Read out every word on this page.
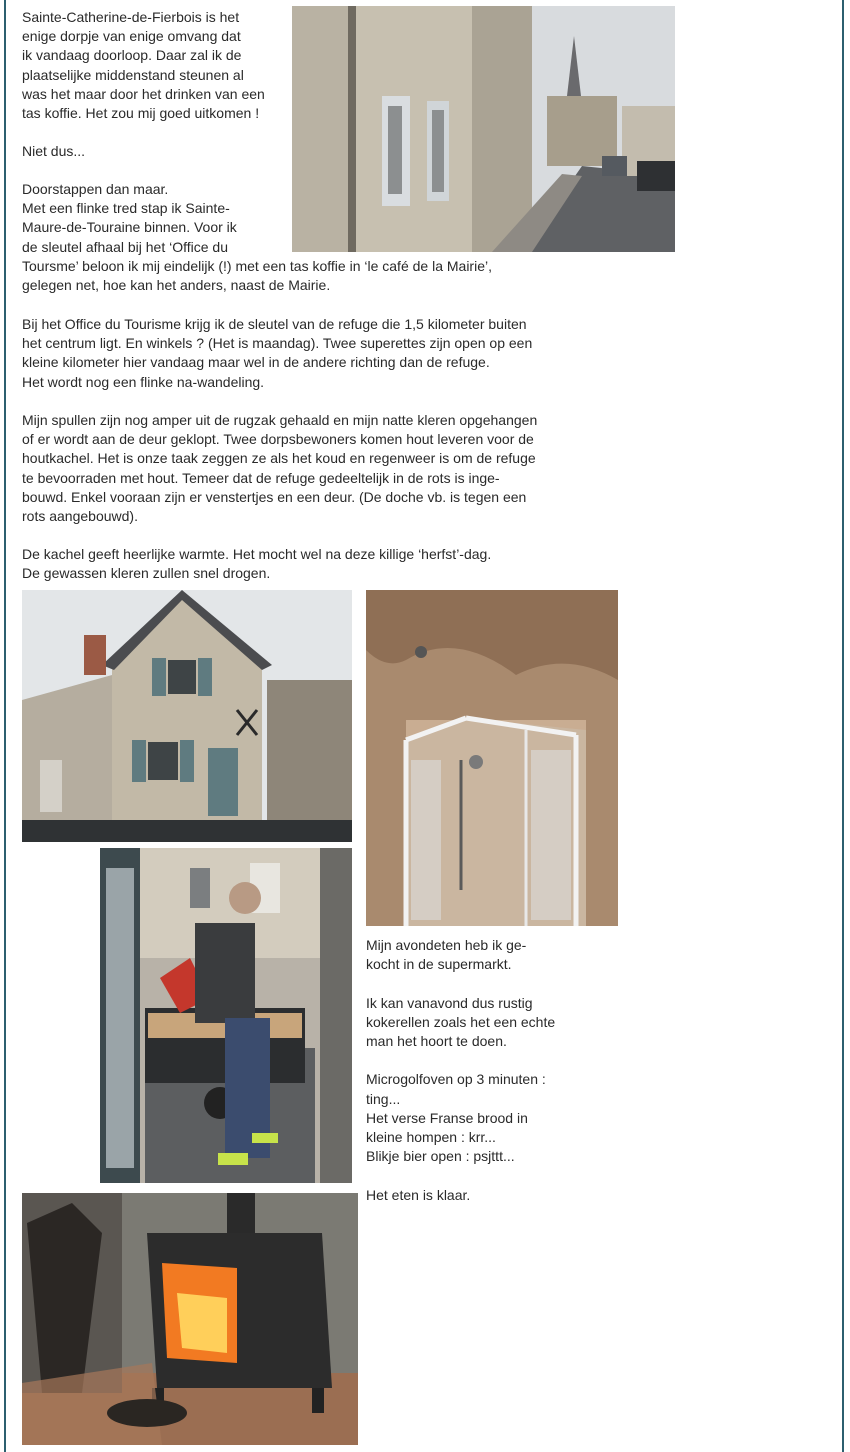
Sainte-Catherine-de-Fierbois is het
enige dorpje van enige omvang dat
ik vandaag doorloop. Daar zal ik de
plaatselijke middenstand steunen al
was het maar door het drinken van een
tas koffie. Het zou mij goed uitkomen !
Niet dus...
Doorstappen dan maar.
Met een flinke tred stap ik Sainte-
Maure-de-Touraine binnen. Voor ik
de sleutel afhaal bij het ‘Office du
Toursme’ beloon ik mij eindelijk (!) met een tas koffie in ‘le café de la Mairie’,
gelegen net, hoe kan het anders, naast de Mairie.
Bij het Office du Tourisme krijg ik de sleutel van de refuge die 1,5 kilometer buiten
het centrum ligt. En winkels ? (Het is maandag). Twee superettes zijn open op een
kleine kilometer hier vandaag maar wel in de andere richting dan de refuge.
Het wordt nog een flinke na-wandeling.
Mijn spullen zijn nog amper uit de rugzak gehaald en mijn natte kleren opgehangen
of er wordt aan de deur geklopt. Twee dorpsbewoners komen hout leveren voor de
houtkachel. Het is onze taak zeggen ze als het koud en regenweer is om de refuge
te bevoorraden met hout. Temeer dat de refuge gedeeltelijk in de rots is inge-
bouwd. Enkel vooraan zijn er venstertjes en een deur. (De doche vb. is tegen een
rots aangebouwd).
De kachel geeft heerlijke warmte. Het mocht wel na deze killige ‘herfst’-dag.
De gewassen kleren zullen snel drogen.
Mijn avondeten heb ik ge-
kocht in de supermarkt.

Ik kan vanavond dus rustig
kokerellen zoals het een echte
man het hoort te doen.

Microgolfoven op 3 minuten :
ting...
Het verse Franse brood in
kleine hompen : krr...
Blikje bier open : psjttt...

Het eten is klaar.
